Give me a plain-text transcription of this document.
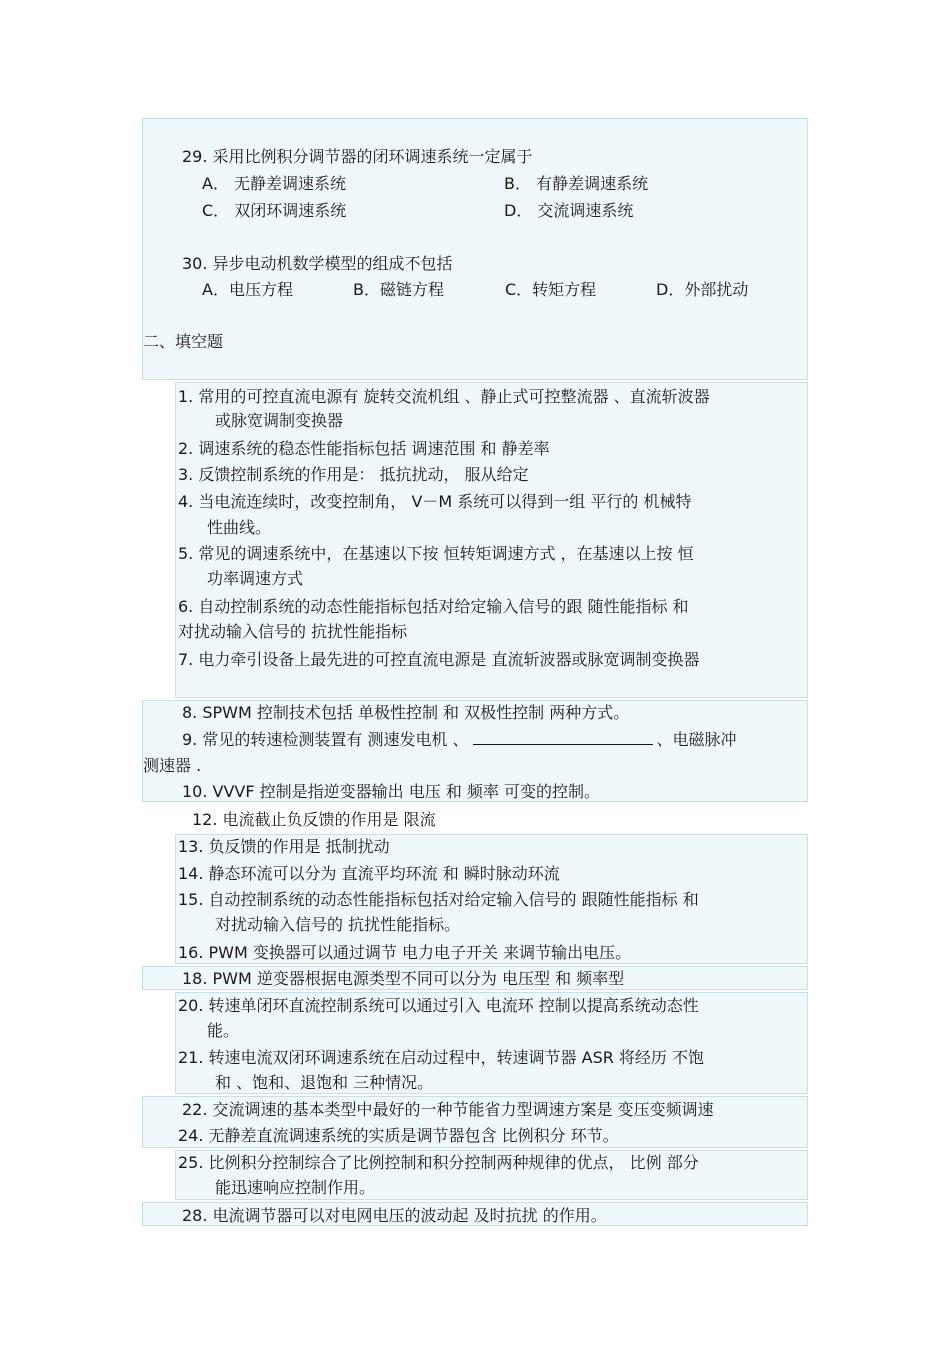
29. 采用比例积分调节器的闭环调速系统一定属于
A． 无静差调速系统	B． 有静差调速系统
C． 双闭环调速系统	D． 交流调速系统
30. 异步电动机数学模型的组成不包括
A．电压方程	B．磁链方程	C．转矩方程	D．外部扰动
二、填空题
1. 常用的可控直流电源有 旋转交流机组 、静止式可控整流器 、直流斩波器
或脉宽调制变换器
2. 调速系统的稳态性能指标包括 调速范围 和 静差率
3. 反馈控制系统的作用是： 抵抗扰动， 服从给定
4. 当电流连续时，改变控制角， V－M 系统可以得到一组 平行的 机械特
性曲线。
5. 常见的调速系统中，在基速以下按 恒转矩调速方式 ，在基速以上按 恒
功率调速方式
6. 自动控制系统的动态性能指标包括对给定输入信号的跟 随性能指标 和
对扰动输入信号的 抗扰性能指标
7. 电力牵引设备上最先进的可控直流电源是 直流斩波器或脉宽调制变换器
8. SPWM 控制技术包括 单极性控制 和 双极性控制 两种方式。
9. 常见的转速检测装置有 测速发电机 、	、电磁脉冲
测速器 .
10. VVVF 控制是指逆变器输出 电压 和 频率 可变的控制。
12. 电流截止负反馈的作用是 限流
13. 负反馈的作用是 抵制扰动
14. 静态环流可以分为 直流平均环流 和 瞬时脉动环流
15. 自动控制系统的动态性能指标包括对给定输入信号的 跟随性能指标 和
对扰动输入信号的 抗扰性能指标。
16. PWM 变换器可以通过调节 电力电子开关 来调节输出电压。
18. PWM 逆变器根据电源类型不同可以分为 电压型 和 频率型
20. 转速单闭环直流控制系统可以通过引入 电流环 控制以提高系统动态性
能。
21. 转速电流双闭环调速系统在启动过程中，转速调节器 ASR 将经历 不饱
和 、饱和、退饱和 三种情况。
22. 交流调速的基本类型中最好的一种节能省力型调速方案是 变压变频调速
24. 无静差直流调速系统的实质是调节器包含 比例积分 环节。
25. 比例积分控制综合了比例控制和积分控制两种规律的优点， 比例 部分
能迅速响应控制作用。
28. 电流调节器可以对电网电压的波动起 及时抗扰 的作用。
